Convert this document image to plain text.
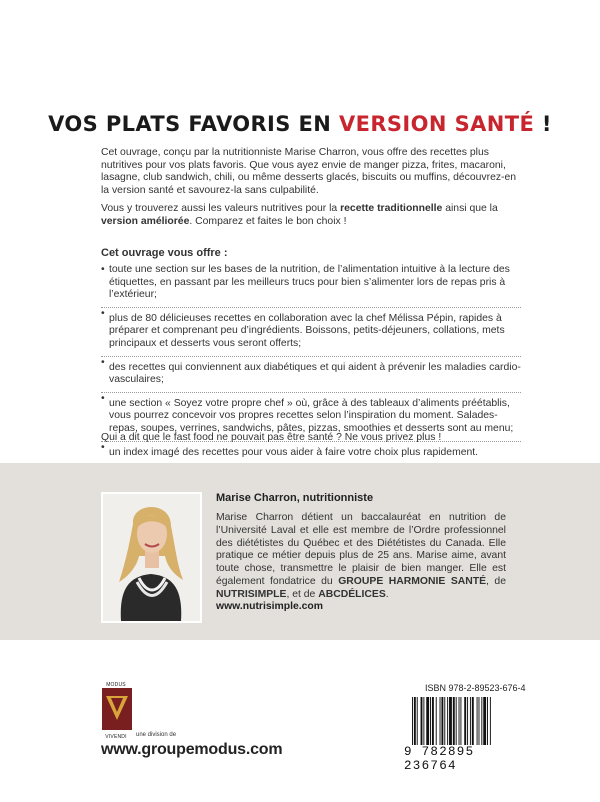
VOS PLATS FAVORIS EN VERSION SANTÉ !

Cet ouvrage, conçu par la nutritionniste Marise Charron, vous offre des recettes plus nutritives pour vos plats favoris. Que vous ayez envie de manger pizza, frites, macaroni, lasagne, club sandwich, chili, ou même desserts glacés, biscuits ou muffins, découvrez-en la version santé et savourez-la sans culpabilité.

Vous y trouverez aussi les valeurs nutritives pour la recette traditionnelle ainsi que la version améliorée. Comparez et faites le bon choix !

Cet ouvrage vous offre :
• toute une section sur les bases de la nutrition, de l’alimentation intuitive à la lecture des étiquettes, en passant par les meilleurs trucs pour bien s’alimenter lors de repas pris à l’extérieur;
• plus de 80 délicieuses recettes en collaboration avec la chef Mélissa Pépin, rapides à préparer et comprenant peu d’ingrédients. Boissons, petits-déjeuners, collations, mets principaux et desserts vous seront offerts;
• des recettes qui conviennent aux diabétiques et qui aident à prévenir les maladies cardio-vasculaires;
• une section « Soyez votre propre chef » où, grâce à des tableaux d’aliments préétablis, vous pourrez concevoir vos propres recettes selon l’inspiration du moment. Salades-repas, soupes, verrines, sandwichs, pâtes, pizzas, smoothies et desserts sont au menu;
• un index imagé des recettes pour vous aider à faire votre choix plus rapidement.
Qui a dit que le fast food ne pouvait pas être santé ? Ne vous privez plus !

Marise Charron, nutritionniste

Marise Charron détient un baccalauréat en nutrition de l’Université Laval et elle est membre de l’Ordre professionnel des diététistes du Québec et des Diététistes du Canada. Elle pratique ce métier depuis plus de 25 ans. Marise aime, avant toute chose, transmettre le plaisir de bien manger. Elle est également fondatrice du GROUPE HARMONIE SANTÉ, de NUTRISIMPLE, et de ABCDÉLICES.

www.nutrisimple.com

MODUS
VIVENDI	une division de
www.groupemodus.com
ISBN 978-2-89523-676-4
9 782895 236764
